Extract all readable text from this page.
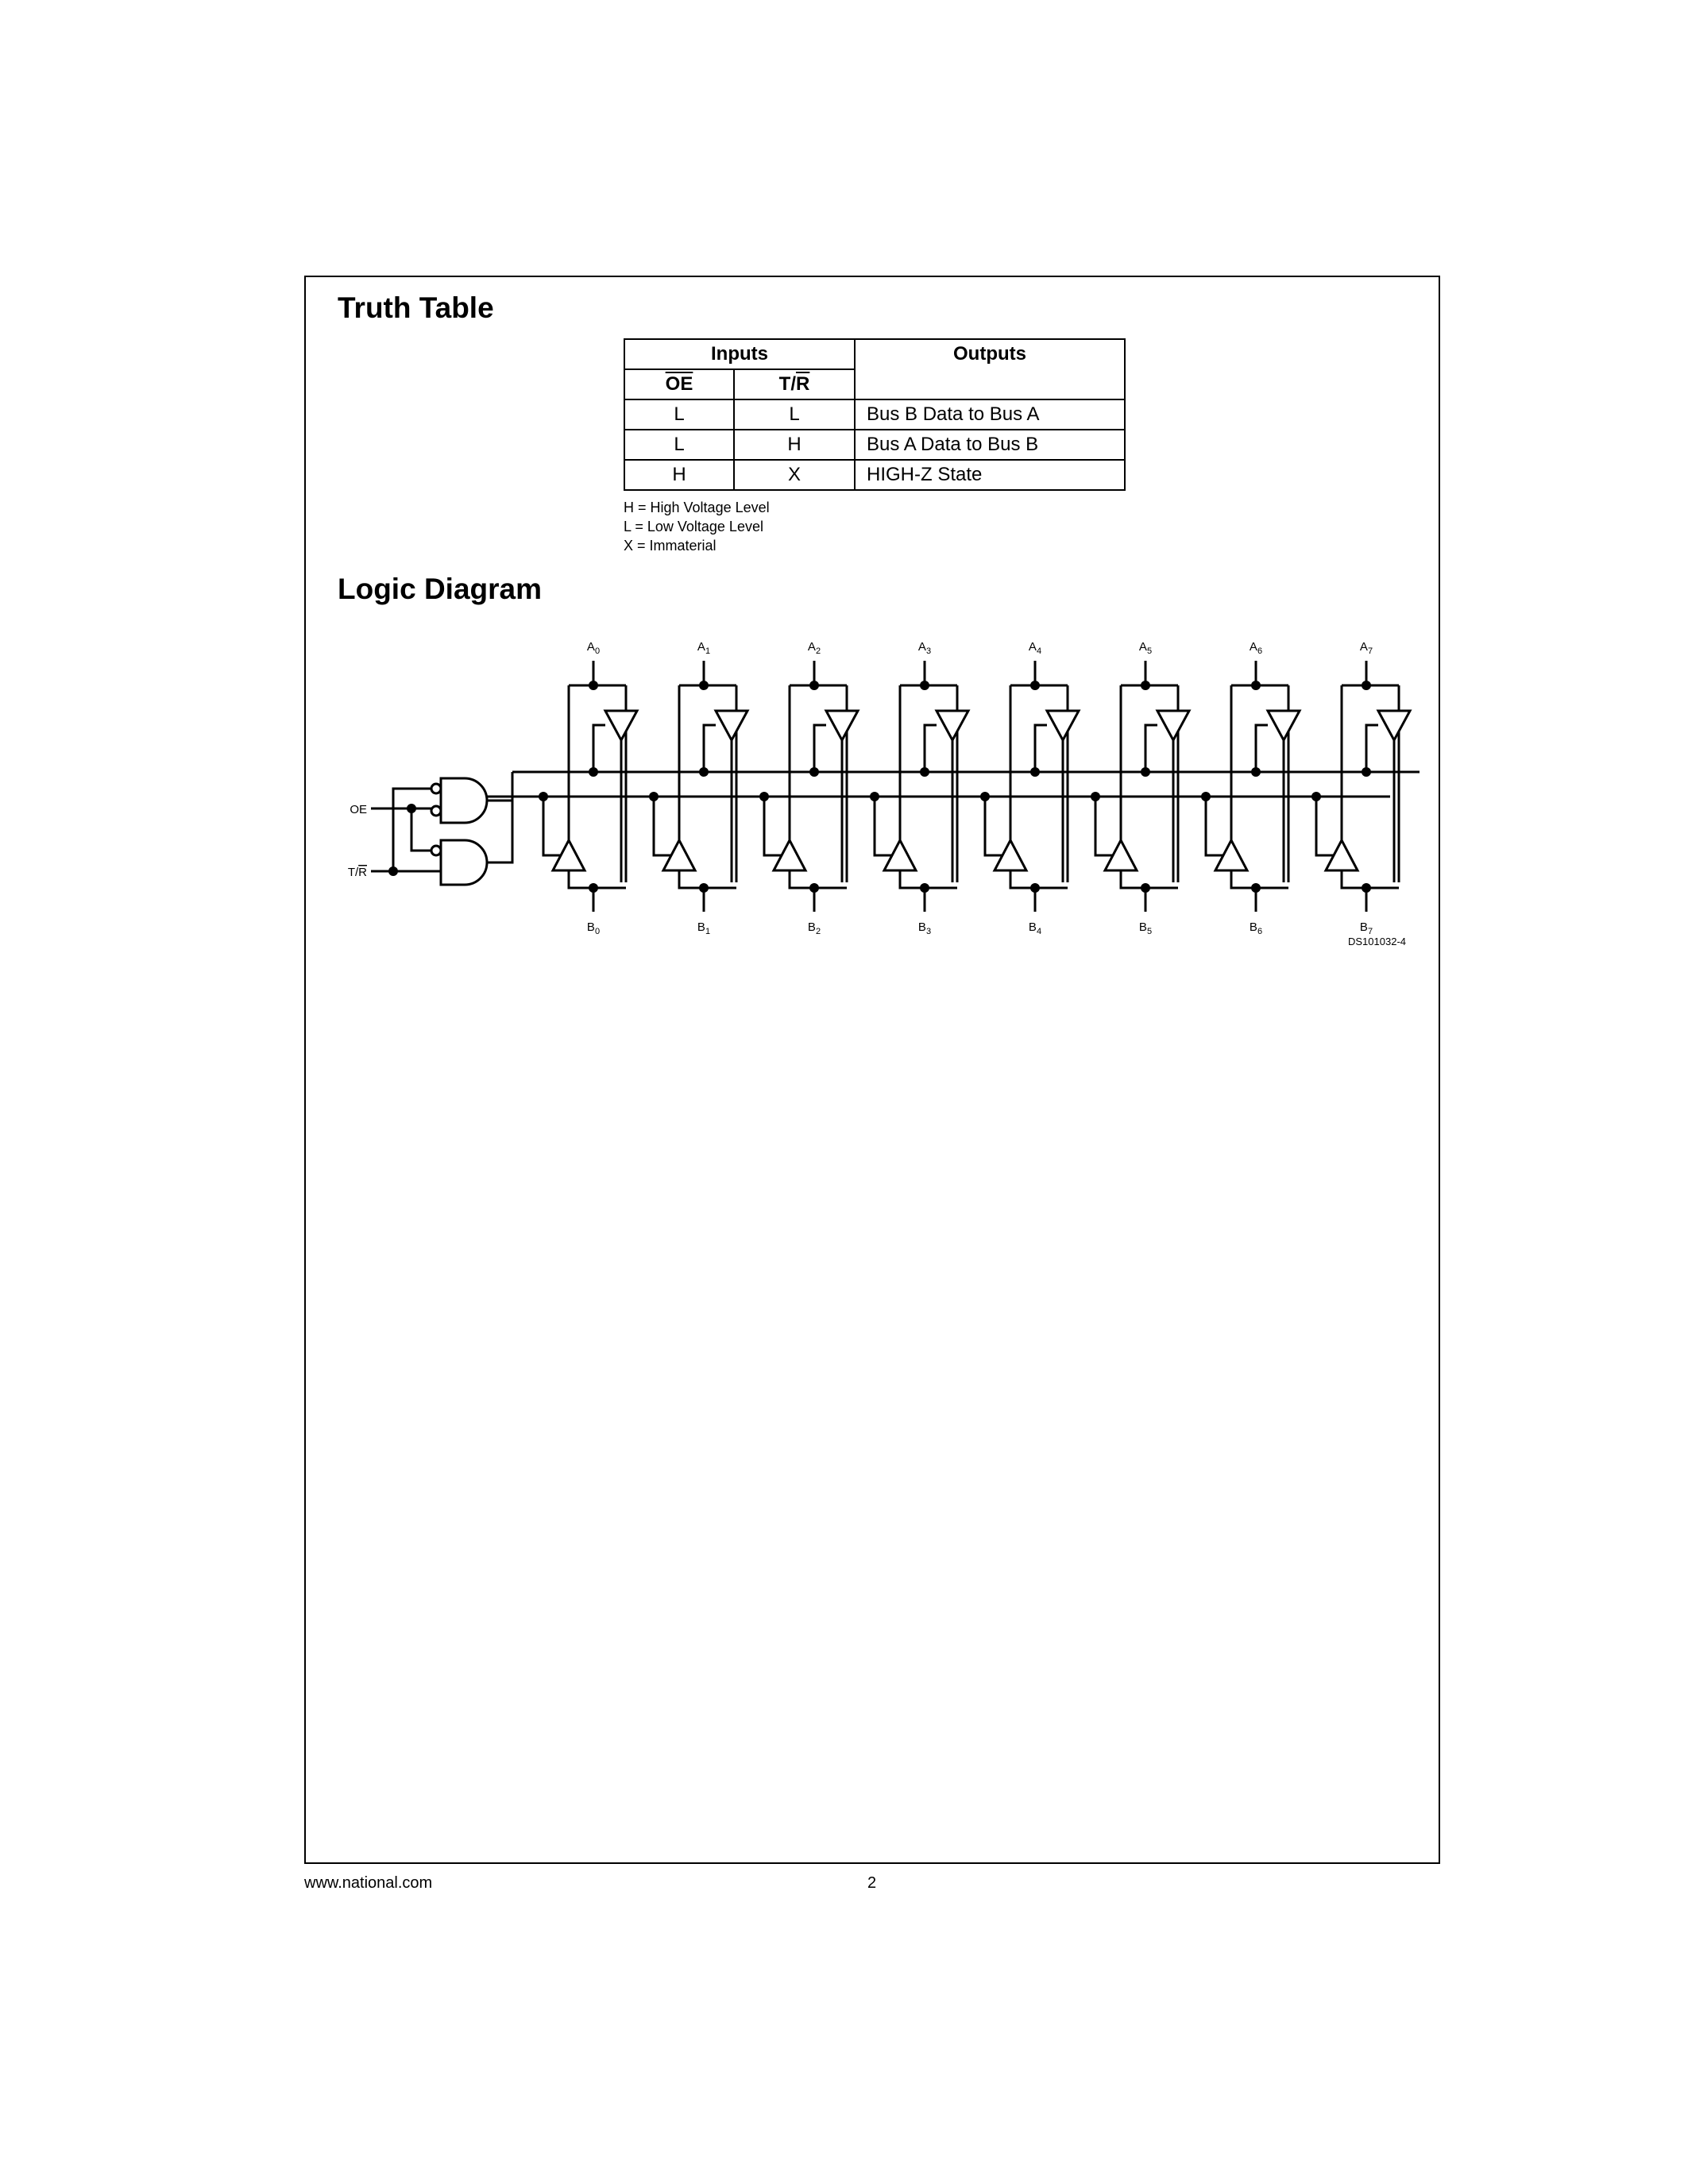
Truth Table
Inputs		Outputs
$\overline{OE}$	$T/\overline{R}$
L	L	Bus B Data to Bus A
L	H	Bus A Data to Bus B
H	X	HIGH-Z State
H = High Voltage Level
L = Low Voltage Level
X = Immaterial
Logic Diagram
$A_0$
$B_0$
$A_1$
$B_1$
$A_2$
$B_2$
$A_3$
$B_3$
$A_4$
$B_4$
$A_5$
$B_5$
$A_6$
$B_6$
$A_7$
$B_7$
OE
T/R
DS101032-4
www.national.com	2
